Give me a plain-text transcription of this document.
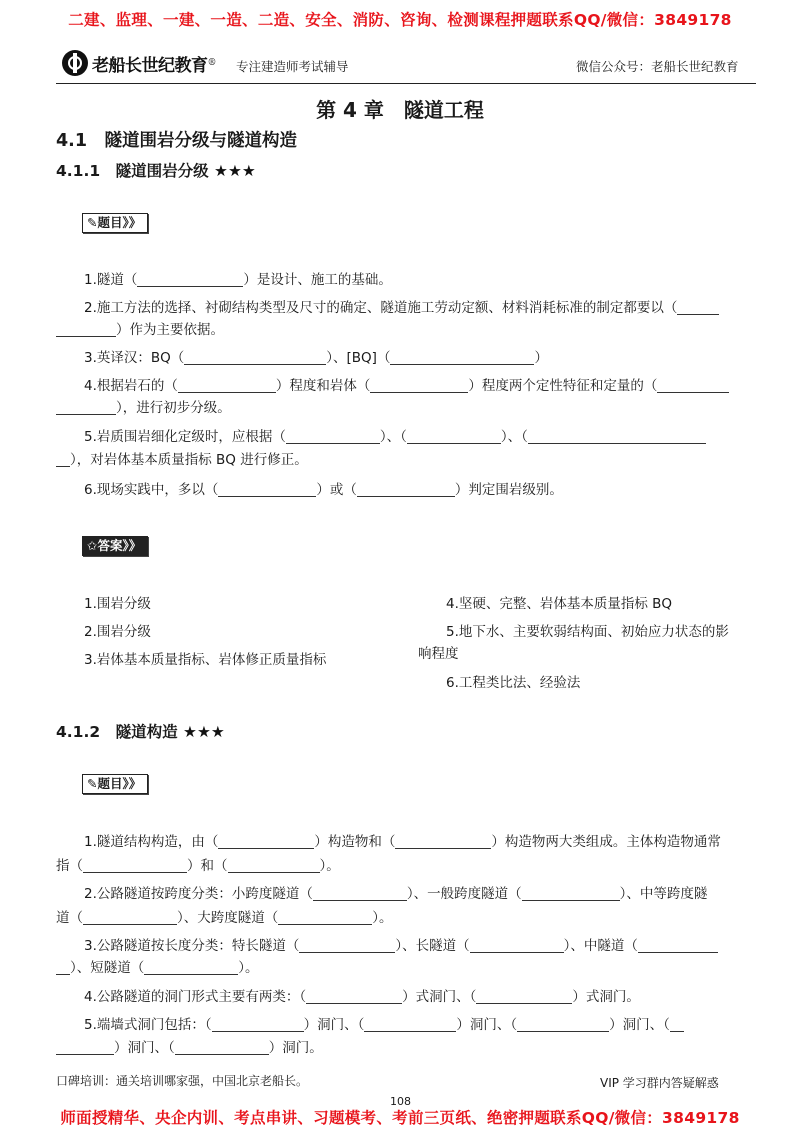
二建、监理、一建、一造、二造、安全、消防、咨询、检测课程押题联系QQ/微信：3849178
老船长世纪教育 ® 专注建造师考试辅导	微信公众号：老船长世纪教育
第 4 章　隧道工程
4.1　隧道围岩分级与隧道构造
4.1.1　隧道围岩分级 ★★★
✎题目》》
1.隧道（	）是设计、施工的基础。
2.施工方法的选择、衬砌结构类型及尺寸的确定、隧道施工劳动定额、材料消耗标准的制定都要以（
）作为主要依据。
3.英译汉：BQ（	）、[BQ]（	）
4.根据岩石的（	）程度和岩体（	）程度两个定性特征和定量的（
），进行初步分级。
5.岩质围岩细化定级时，应根据（	）、（	）、（
），对岩体基本质量指标 BQ 进行修正。
6.现场实践中，多以（	）或（	）判定围岩级别。
✩答案》》
1.围岩分级
2.围岩分级
3.岩体基本质量指标、岩体修正质量指标
4.坚硬、完整、岩体基本质量指标 BQ
5.地下水、主要软弱结构面、初始应力状态的影
响程度
6.工程类比法、经验法
4.1.2　隧道构造 ★★★
✎题目》》
1.隧道结构构造，由（	）构造物和（	）构造物两大类组成。主体构造物通常
指（	）和（	）。
2.公路隧道按跨度分类：小跨度隧道（	）、一般跨度隧道（	）、中等跨度隧
道（	）、大跨度隧道（	）。
3.公路隧道按长度分类：特长隧道（	）、长隧道（	）、中隧道（
）、短隧道（	）。
4.公路隧道的洞门形式主要有两类：（	）式洞门、（	）式洞门。
5.端墙式洞门包括：（	）洞门、（	）洞门、（	）洞门、（
）洞门、（	）洞门。
口碑培训：通关培训哪家强，中国北京老船长。	VIP 学习群内答疑解惑
108
师面授精华、央企内训、考点串讲、习题模考、考前三页纸、绝密押题联系QQ/微信：3849178
